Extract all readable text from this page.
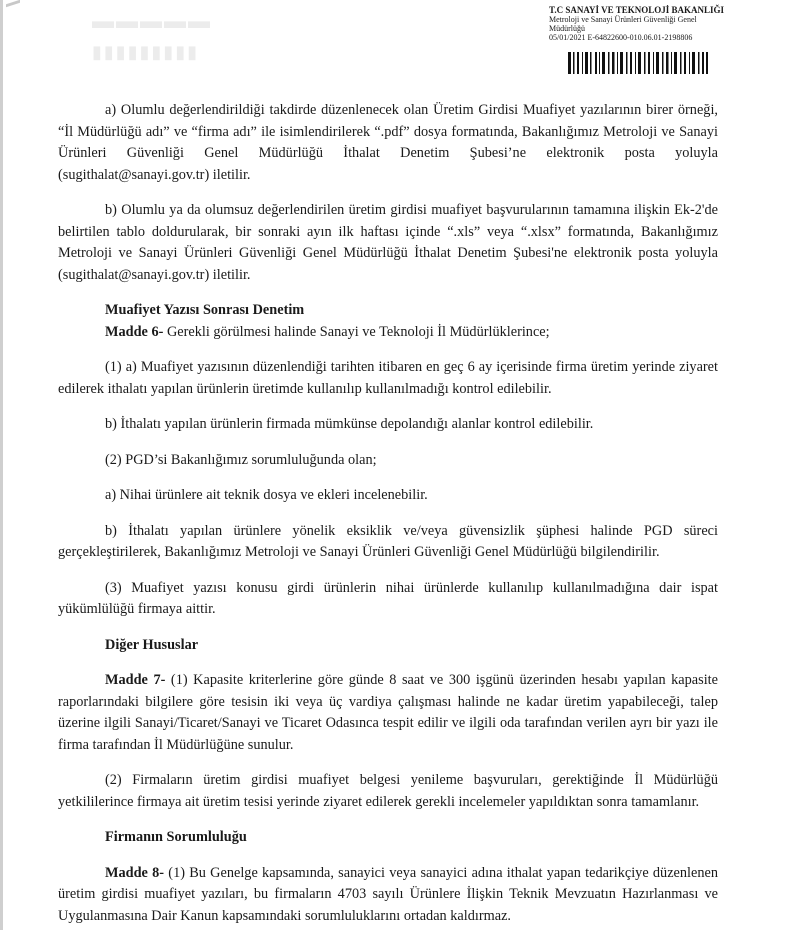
▬▬▬▬▬
▮▮▮▮▮▮▮▮▮
T.C SANAYİ VE TEKNOLOJİ BAKANLIĞI
Metroloji ve Sanayi Ürünleri Güvenliği Genel
Müdürlüğü
05/01/2021 E-64822600-010.06.01-2198806

a) Olumlu değerlendirildiği takdirde düzenlenecek olan Üretim Girdisi Muafiyet yazılarının birer örneği, “İl Müdürlüğü adı” ve “firma adı” ile isimlendirilerek “.pdf” dosya formatında, Bakanlığımız Metroloji ve Sanayi Ürünleri Güvenliği Genel Müdürlüğü İthalat Denetim Şubesi’ne elektronik posta yoluyla (sugithalat@sanayi.gov.tr) iletilir.

b) Olumlu ya da olumsuz değerlendirilen üretim girdisi muafiyet başvurularının tamamına ilişkin Ek-2'de belirtilen tablo doldurularak, bir sonraki ayın ilk haftası içinde “.xls” veya “.xlsx” formatında, Bakanlığımız Metroloji ve Sanayi Ürünleri Güvenliği Genel Müdürlüğü İthalat Denetim Şubesi'ne elektronik posta yoluyla (sugithalat@sanayi.gov.tr) iletilir.

Muafiyet Yazısı Sonrası Denetim

Madde 6- Gerekli görülmesi halinde Sanayi ve Teknoloji İl Müdürlüklerince;

(1) a) Muafiyet yazısının düzenlendiği tarihten itibaren en geç 6 ay içerisinde firma üretim yerinde ziyaret edilerek ithalatı yapılan ürünlerin üretimde kullanılıp kullanılmadığı kontrol edilebilir.

b) İthalatı yapılan ürünlerin firmada mümkünse depolandığı alanlar kontrol edilebilir.

(2) PGD’si Bakanlığımız sorumluluğunda olan;

a) Nihai ürünlere ait teknik dosya ve ekleri incelenebilir.

b) İthalatı yapılan ürünlere yönelik eksiklik ve/veya güvensizlik şüphesi halinde PGD süreci gerçekleştirilerek, Bakanlığımız Metroloji ve Sanayi Ürünleri Güvenliği Genel Müdürlüğü bilgilendirilir.

(3) Muafiyet yazısı konusu girdi ürünlerin nihai ürünlerde kullanılıp kullanılmadığına dair ispat yükümlülüğü firmaya aittir.

Diğer Hususlar

Madde 7- (1) Kapasite kriterlerine göre günde 8 saat ve 300 işgünü üzerinden hesabı yapılan kapasite raporlarındaki bilgilere göre tesisin iki veya üç vardiya çalışması halinde ne kadar üretim yapabileceği, talep üzerine ilgili Sanayi/Ticaret/Sanayi ve Ticaret Odasınca tespit edilir ve ilgili oda tarafından verilen ayrı bir yazı ile firma tarafından İl Müdürlüğüne sunulur.

(2) Firmaların üretim girdisi muafiyet belgesi yenileme başvuruları, gerektiğinde İl Müdürlüğü yetkililerince firmaya ait üretim tesisi yerinde ziyaret edilerek gerekli incelemeler yapıldıktan sonra tamamlanır.

Firmanın Sorumluluğu

Madde 8- (1) Bu Genelge kapsamında, sanayici veya sanayici adına ithalat yapan tedarikçiye düzenlenen üretim girdisi muafiyet yazıları, bu firmaların 4703 sayılı Ürünlere İlişkin Teknik Mevzuatın Hazırlanması ve Uygulanmasına Dair Kanun kapsamındaki sorumluluklarını ortadan kaldırmaz.
